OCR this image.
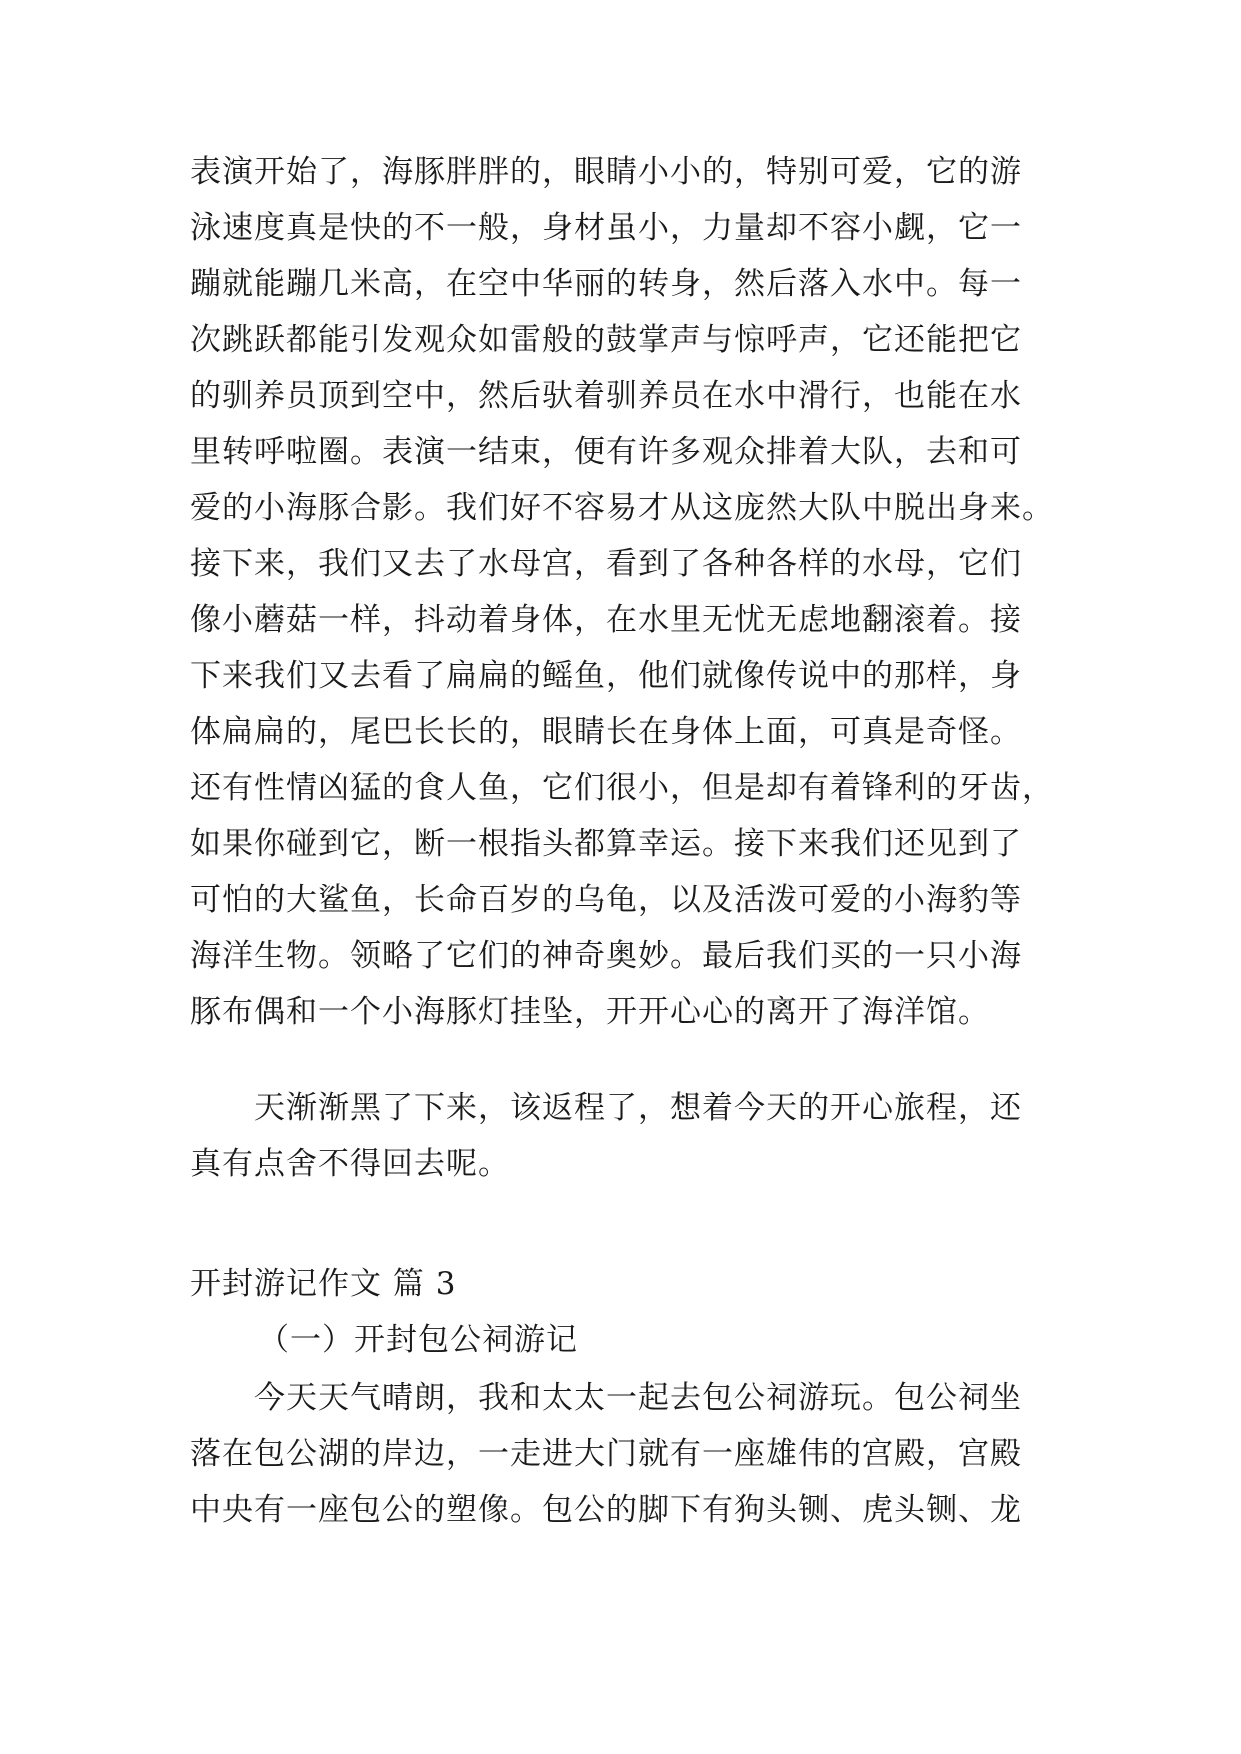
表演开始了，海豚胖胖的，眼睛小小的，特别可爱，它的游
泳速度真是快的不一般，身材虽小，力量却不容小觑，它一
蹦就能蹦几米高，在空中华丽的转身，然后落入水中。每一
次跳跃都能引发观众如雷般的鼓掌声与惊呼声，它还能把它
的驯养员顶到空中，然后驮着驯养员在水中滑行，也能在水
里转呼啦圈。表演一结束，便有许多观众排着大队，去和可
爱的小海豚合影。我们好不容易才从这庞然大队中脱出身来。
接下来，我们又去了水母宫，看到了各种各样的水母，它们
像小蘑菇一样，抖动着身体，在水里无忧无虑地翻滚着。接
下来我们又去看了扁扁的鳐鱼，他们就像传说中的那样，身
体扁扁的，尾巴长长的，眼睛长在身体上面，可真是奇怪。
还有性情凶猛的食人鱼，它们很小，但是却有着锋利的牙齿，
如果你碰到它，断一根指头都算幸运。接下来我们还见到了
可怕的大鲨鱼，长命百岁的乌龟，以及活泼可爱的小海豹等
海洋生物。领略了它们的神奇奥妙。最后我们买的一只小海
豚布偶和一个小海豚灯挂坠，开开心心的离开了海洋馆。

天渐渐黑了下来，该返程了，想着今天的开心旅程，还
真有点舍不得回去呢。

开封游记作文 篇 3
（一）开封包公祠游记

今天天气晴朗，我和太太一起去包公祠游玩。包公祠坐
落在包公湖的岸边，一走进大门就有一座雄伟的宫殿，宫殿
中央有一座包公的塑像。包公的脚下有狗头铡、虎头铡、龙
